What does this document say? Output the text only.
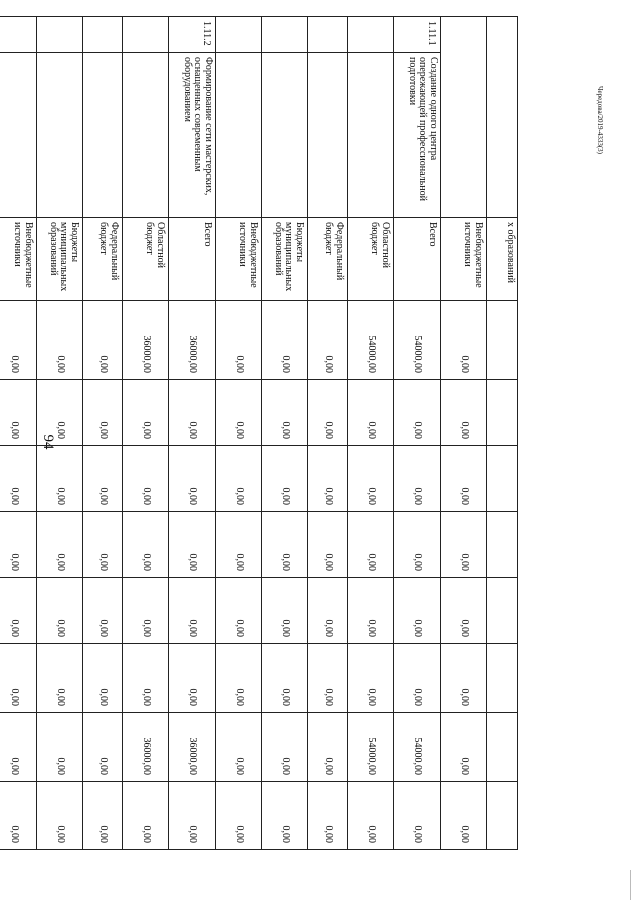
94
Чередова/2019-4333(3)
		х образований								
		Внебюджетные источники	0,00	0,00	0,00	0,00	0,00	0,00	0,00	0,00
1.11.1	Создание одного центра опережающей профессиональной подготовки	Всего	54000,00	0,00	0,00	0,00	0,00	0,00	54000,00	0,00
		Областной бюджет	54000,00	0,00	0,00	0,00	0,00	0,00	54000,00	0,00
		Федеральный бюджет	0,00	0,00	0,00	0,00	0,00	0,00	0,00	0,00
		Бюджеты муниципальных образований	0,00	0,00	0,00	0,00	0,00	0,00	0,00	0,00
		Внебюджетные источники	0,00	0,00	0,00	0,00	0,00	0,00	0,00	0,00
1.11.2	Формирование сети мастерских, оснащенных современным оборудованием	Всего	36000,00	0,00	0,00	0,00	0,00	0,00	36000,00	0,00
		Областной бюджет	36000,00	0,00	0,00	0,00	0,00	0,00	36000,00	0,00
		Федеральный бюджет	0,00	0,00	0,00	0,00	0,00	0,00	0,00	0,00
		Бюджеты муниципальных образований	0,00	0,00	0,00	0,00	0,00	0,00	0,00	0,00
		Внебюджетные источники	0,00	0,00	0,00	0,00	0,00	0,00	0,00	0,00
